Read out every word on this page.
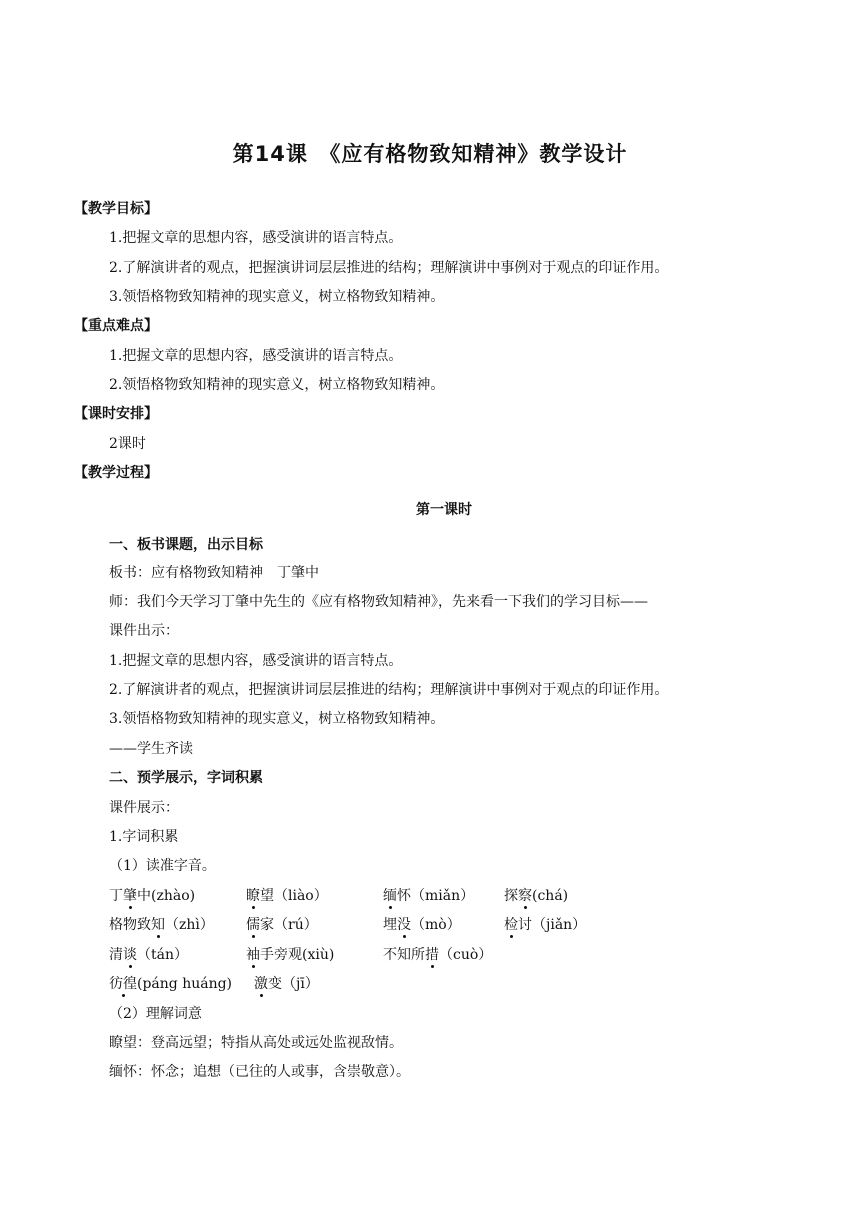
第14课　《应有格物致知精神》教学设计
【教学目标】
1.把握文章的思想内容，感受演讲的语言特点。
2.了解演讲者的观点，把握演讲词层层推进的结构；理解演讲中事例对于观点的印证作用。
3.领悟格物致知精神的现实意义，树立格物致知精神。
【重点难点】
1.把握文章的思想内容，感受演讲的语言特点。
2.领悟格物致知精神的现实意义，树立格物致知精神。
【课时安排】
2课时
【教学过程】
第一课时
一、板书课题，出示目标
板书：应有格物致知精神　丁肇中
师：我们今天学习丁肇中先生的《应有格物致知精神》，先来看一下我们的学习目标——
课件出示：
1.把握文章的思想内容，感受演讲的语言特点。
2.了解演讲者的观点，把握演讲词层层推进的结构；理解演讲中事例对于观点的印证作用。
3.领悟格物致知精神的现实意义，树立格物致知精神。
——学生齐读
二、预学展示，字词积累
课件展示：
1.字词积累
（1）读准字音。
丁肇中(zhào)	瞭望（liào）	缅怀（miǎn） 探察(chá)
格物致知（zhì） 儒家（rú）	埋没（mò）	检讨（jiǎn）
清谈（tán）	袖手旁观(xiù)	不知所措（cuò）
彷徨(páng huáng) 激变（jī）
（2）理解词意
瞭望：登高远望；特指从高处或远处监视敌情。
缅怀：怀念；追想（已往的人或事，含崇敬意）。
